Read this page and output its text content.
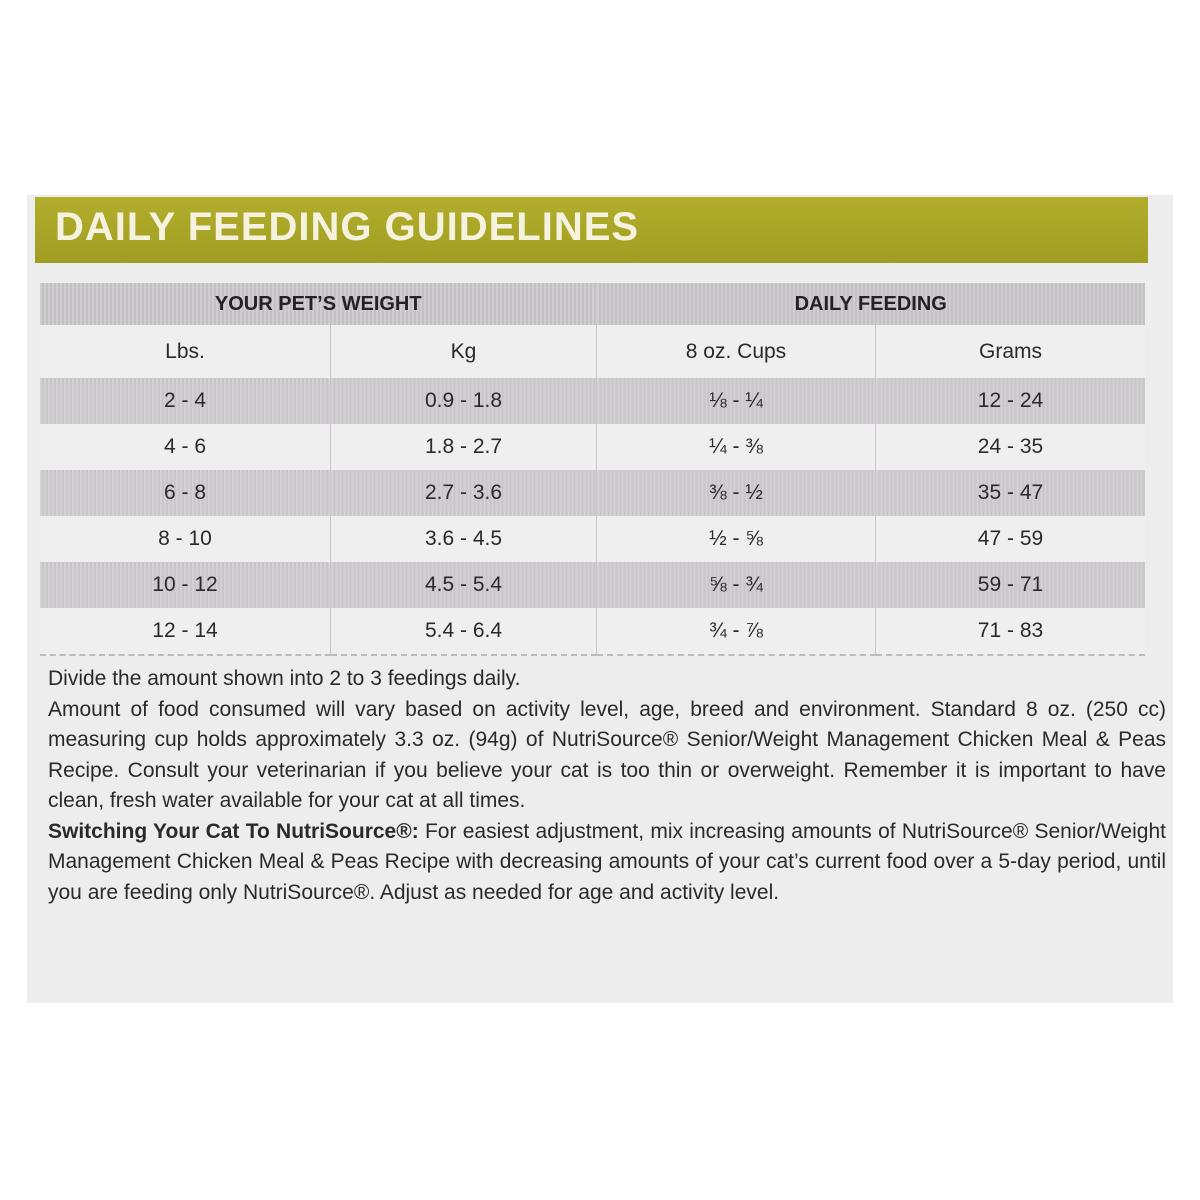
DAILY FEEDING GUIDELINES
YOUR PET’S WEIGHT		DAILY FEEDING	
Lbs.	Kg	8 oz. Cups	Grams
2 - 4	0.9 - 1.8	⅛ - ¼	12 - 24
4 - 6	1.8 - 2.7	¼ - ⅜	24 - 35
6 - 8	2.7 - 3.6	⅜ - ½	35 - 47
8 - 10	3.6 - 4.5	½ - ⅝	47 - 59
10 - 12	4.5 - 5.4	⅝ - ¾	59 - 71
12 - 14	5.4 - 6.4	¾ - ⅞	71 - 83

Divide the amount shown into 2 to 3 feedings daily.

Amount of food consumed will vary based on activity level, age, breed and environment. Standard 8 oz. (250 cc) measuring cup holds approximately 3.3 oz. (94g) of NutriSource® Senior/Weight Management Chicken Meal & Peas Recipe. Consult your veterinarian if you believe your cat is too thin or overweight. Remember it is important to have clean, fresh water available for your cat at all times.

Switching Your Cat To NutriSource®: For easiest adjustment, mix increasing amounts of NutriSource® Senior/Weight Management Chicken Meal & Peas Recipe with decreasing amounts of your cat’s current food over a 5-day period, until you are feeding only NutriSource®. Adjust as needed for age and activity level.
